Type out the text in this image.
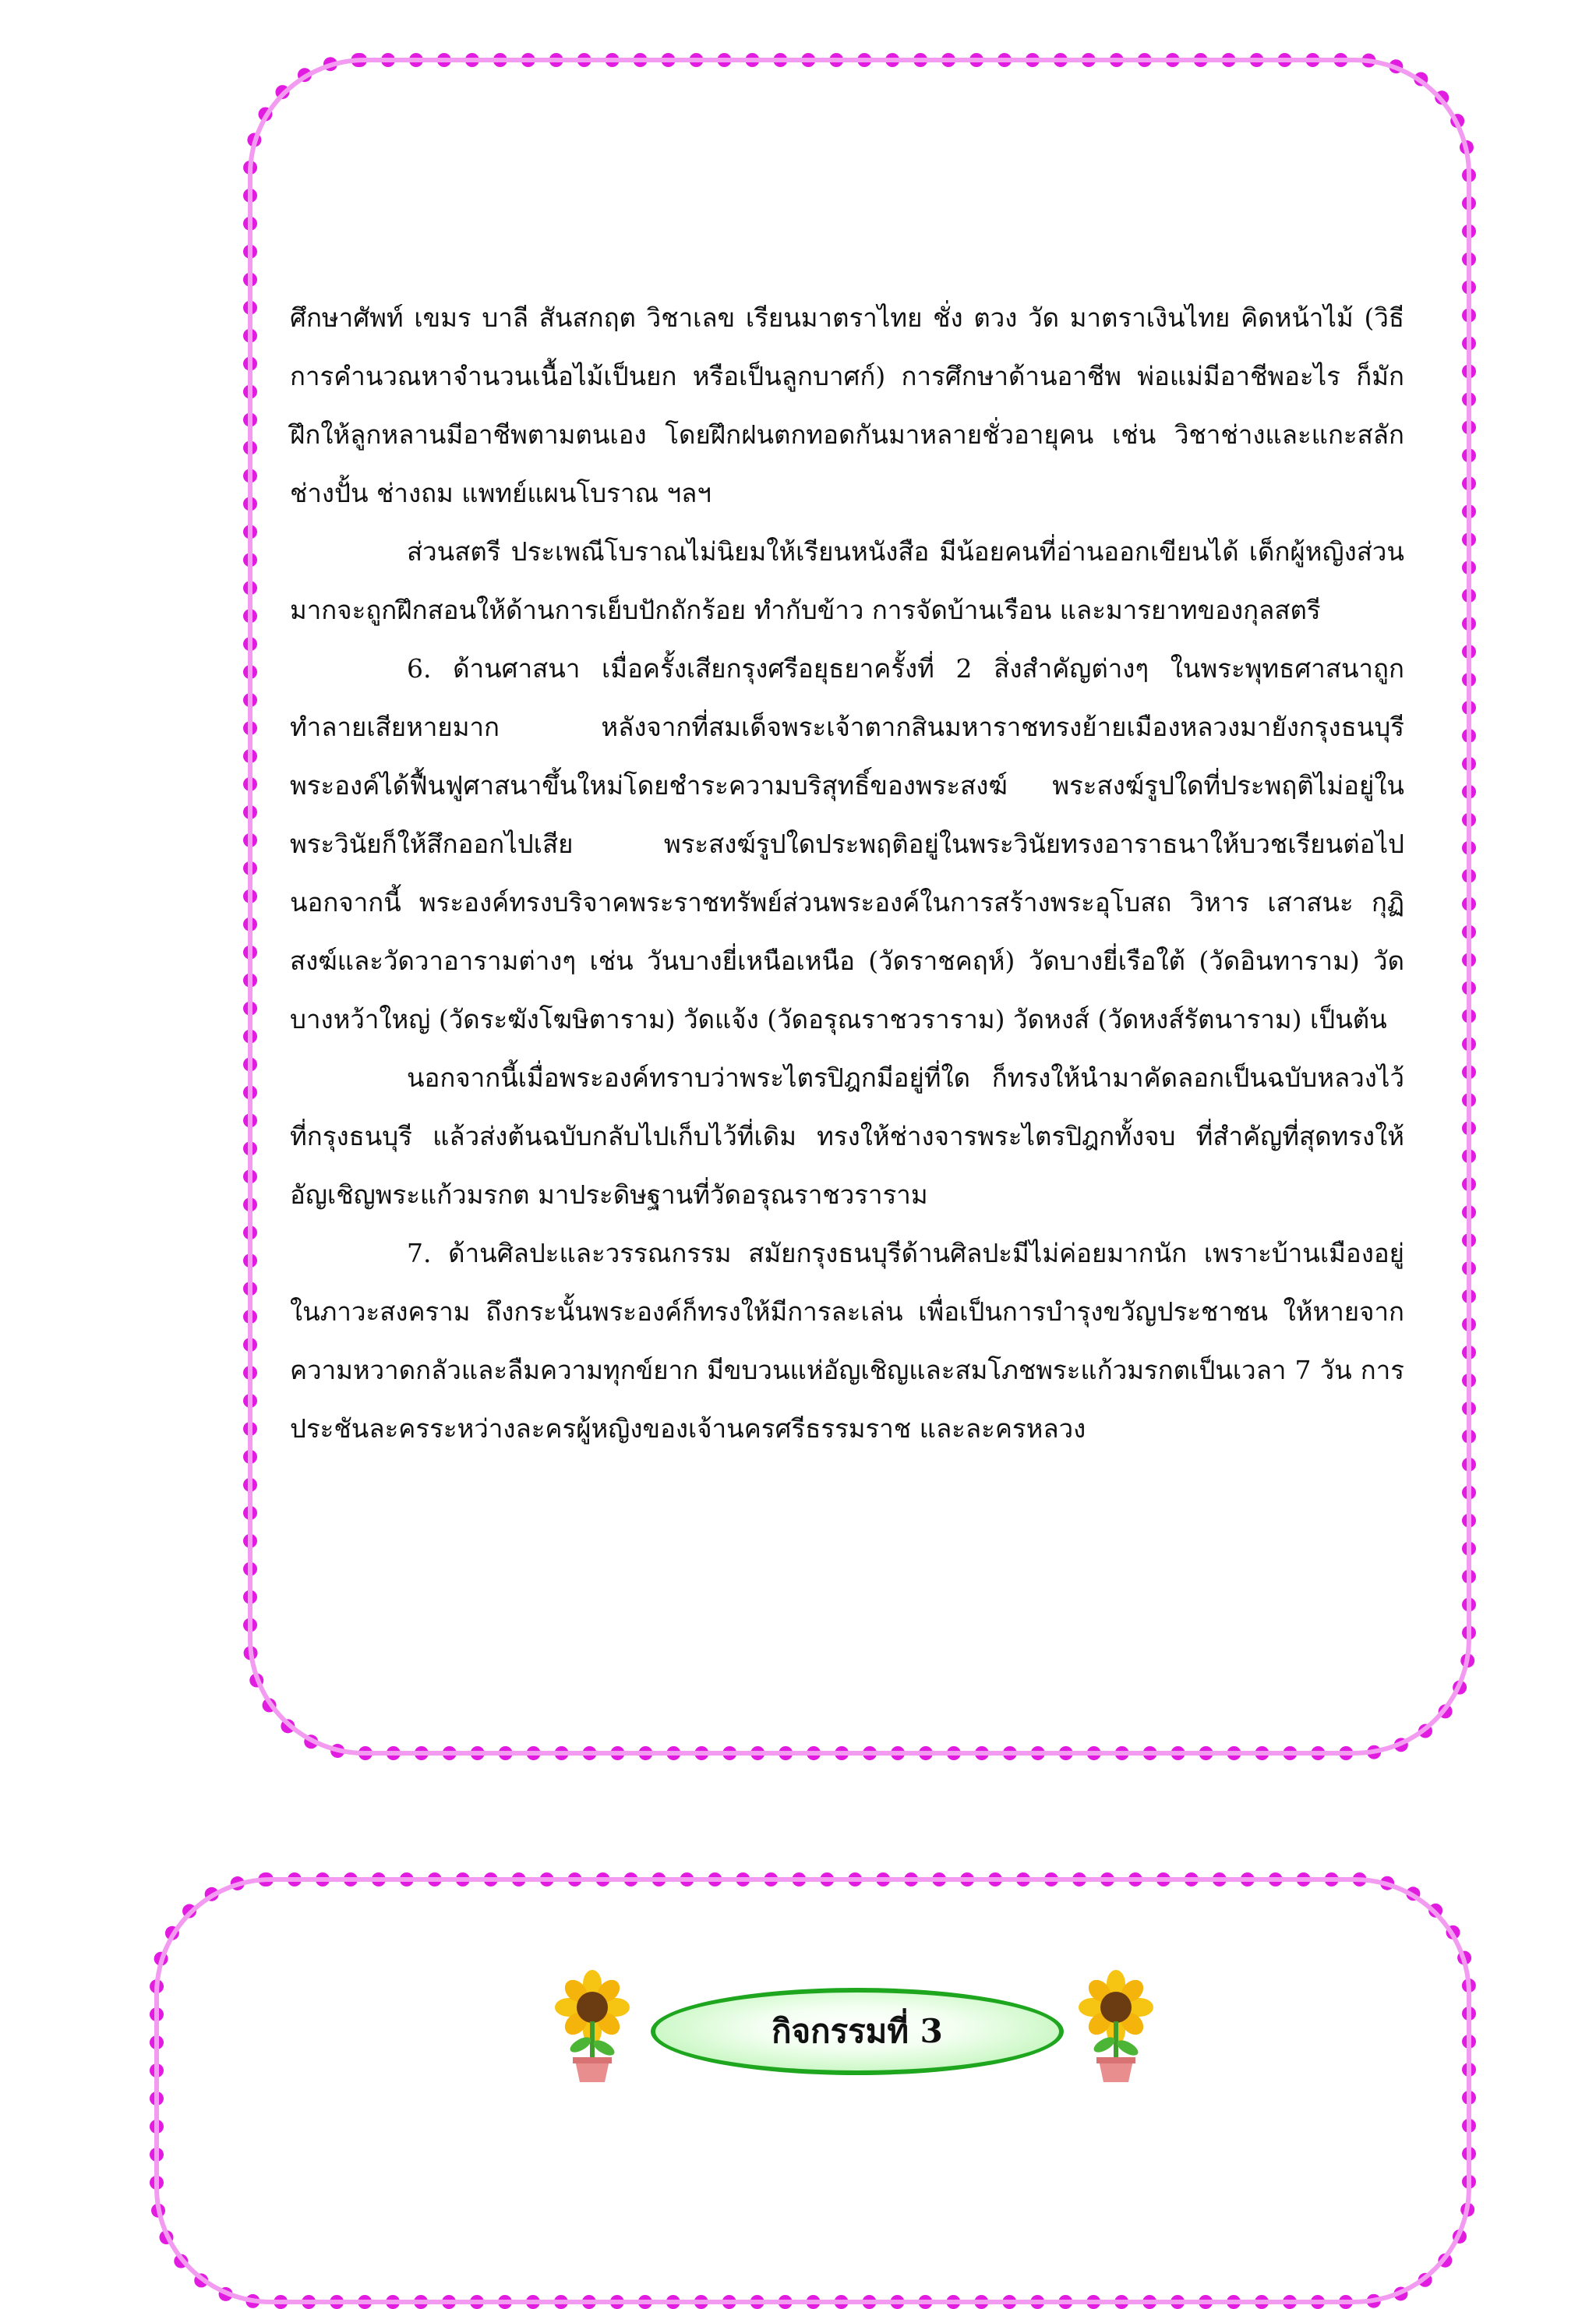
ศึกษาศัพท์ เขมร บาลี สันสกฤต วิชาเลข เรียนมาตราไทย ชั่ง ตวง วัด มาตราเงินไทย คิดหน้าไม้ (วิธีการคำนวณหาจำนวนเนื้อไม้เป็นยก หรือเป็นลูกบาศก์) การศึกษาด้านอาชีพ พ่อแม่มีอาชีพอะไร ก็มักฝึกให้ลูกหลานมีอาชีพตามตนเอง โดยฝึกฝนตกทอดกันมาหลายชั่วอายุคน เช่น วิชาช่างและแกะสลัก ช่างปั้น ช่างถม แพทย์แผนโบราณ ฯลฯ

ส่วนสตรี ประเพณีโบราณไม่นิยมให้เรียนหนังสือ มีน้อยคนที่อ่านออกเขียนได้ เด็กผู้หญิงส่วนมากจะถูกฝึกสอนให้ด้านการเย็บปักถักร้อย ทำกับข้าว การจัดบ้านเรือน และมารยาทของกุลสตรี

6. ด้านศาสนา เมื่อครั้งเสียกรุงศรีอยุธยาครั้งที่ 2 สิ่งสำคัญต่างๆ ในพระพุทธศาสนาถูกทำลายเสียหายมาก หลังจากที่สมเด็จพระเจ้าตากสินมหาราชทรงย้ายเมืองหลวงมายังกรุงธนบุรี พระองค์ได้ฟื้นฟูศาสนาขึ้นใหม่โดยชำระความบริสุทธิ์ของพระสงฆ์ พระสงฆ์รูปใดที่ประพฤติไม่อยู่ในพระวินัยก็ให้สึกออกไปเสีย พระสงฆ์รูปใดประพฤติอยู่ในพระวินัยทรงอาราธนาให้บวชเรียนต่อไป นอกจากนี้ พระองค์ทรงบริจาคพระราชทรัพย์ส่วนพระองค์ในการสร้างพระอุโบสถ วิหาร เสาสนะ กุฏิสงฆ์และวัดวาอารามต่างๆ เช่น วันบางยี่เหนือเหนือ (วัดราชคฤห์) วัดบางยี่เรือใต้ (วัดอินทาราม) วัดบางหว้าใหญ่ (วัดระฆังโฆษิตาราม) วัดแจ้ง (วัดอรุณราชวราราม) วัดหงส์ (วัดหงส์รัตนาราม) เป็นต้น

นอกจากนี้เมื่อพระองค์ทราบว่าพระไตรปิฎกมีอยู่ที่ใด ก็ทรงให้นำมาคัดลอกเป็นฉบับหลวงไว้ที่กรุงธนบุรี แล้วส่งต้นฉบับกลับไปเก็บไว้ที่เดิม ทรงให้ช่างจารพระไตรปิฎกทั้งจบ ที่สำคัญที่สุดทรงให้อัญเชิญพระแก้วมรกต มาประดิษฐานที่วัดอรุณราชวราราม

7. ด้านศิลปะและวรรณกรรม สมัยกรุงธนบุรีด้านศิลปะมีไม่ค่อยมากนัก เพราะบ้านเมืองอยู่ในภาวะสงคราม ถึงกระนั้นพระองค์ก็ทรงให้มีการละเล่น เพื่อเป็นการบำรุงขวัญประชาชน ให้หายจากความหวาดกลัวและลืมความทุกข์ยาก มีขบวนแห่อัญเชิญและสมโภชพระแก้วมรกตเป็นเวลา 7 วัน การประชันละครระหว่างละครผู้หญิงของเจ้านครศรีธรรมราช และละครหลวง

กิจกรรมที่ 3
